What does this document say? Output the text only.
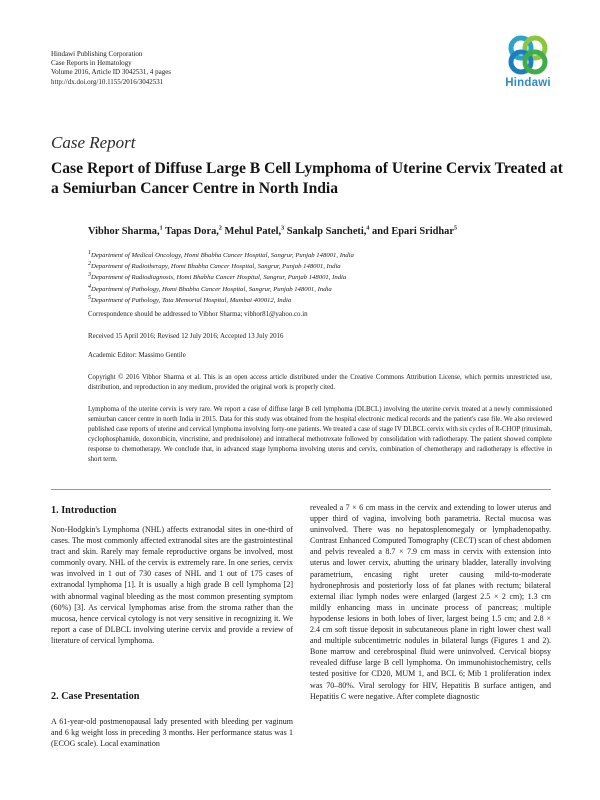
Hindawi Publishing Corporation
Case Reports in Hematology
Volume 2016, Article ID 3042531, 4 pages
http://dx.doi.org/10.1155/2016/3042531	Hindawi
Case Report
Case Report of Diffuse Large B Cell Lymphoma of Uterine Cervix Treated at a Semiurban Cancer Centre in North India
Vibhor Sharma,$^1$ Tapas Dora,$^2$ Mehul Patel,$^3$ Sankalp Sancheti,$^4$ and Epari Sridhar$^5$
$^1$Department of Medical Oncology, Homi Bhabha Cancer Hospital, Sangrur, Punjab 148001, India
$^2$Department of Radiotherapy, Homi Bhabha Cancer Hospital, Sangrur, Punjab 148001, India
$^3$Department of Radiodiagnosis, Homi Bhabha Cancer Hospital, Sangrur, Punjab 148001, India
$^4$Department of Pathology, Homi Bhabha Cancer Hospital, Sangrur, Punjab 148001, India
$^5$Department of Pathology, Tata Memorial Hospital, Mumbai 400012, India
Correspondence should be addressed to Vibhor Sharma; vibhor81@yahoo.co.in
Received 15 April 2016; Revised 12 July 2016; Accepted 13 July 2016
Academic Editor: Massimo Gentile
Copyright © 2016 Vibhor Sharma et al. This is an open access article distributed under the Creative Commons Attribution License, which permits unrestricted use, distribution, and reproduction in any medium, provided the original work is properly cited.
Lymphoma of the uterine cervix is very rare. We report a case of diffuse large B cell lymphoma (DLBCL) involving the uterine cervix treated at a newly commissioned semiurban cancer centre in north India in 2015. Data for this study was obtained from the hospital electronic medical records and the patient's case file. We also reviewed published case reports of uterine and cervical lymphoma involving forty-one patients. We treated a case of stage IV DLBCL cervix with six cycles of R-CHOP (rituximab, cyclophosphamide, doxorubicin, vincristine, and prednisolone) and intrathecal methotrexate followed by consolidation with radiotherapy. The patient showed complete response to chemotherapy. We conclude that, in advanced stage lymphoma involving uterus and cervix, combination of chemotherapy and radiotherapy is effective in short term.
1. Introduction
Non-Hodgkin's Lymphoma (NHL) affects extranodal sites in one-third of cases. The most commonly affected extranodal sites are the gastrointestinal tract and skin. Rarely may female reproductive organs be involved, most commonly ovary. NHL of the cervix is extremely rare. In one series, cervix was involved in 1 out of 730 cases of NHL and 1 out of 175 cases of extranodal lymphoma [1]. It is usually a high grade B cell lymphoma [2] with abnormal vaginal bleeding as the most common presenting symptom (60%) [3]. As cervical lymphomas arise from the stroma rather than the mucosa, hence cervical cytology is not very sensitive in recognizing it. We report a case of DLBCL involving uterine cervix and provide a review of literature of cervical lymphoma.
2. Case Presentation
A 61-year-old postmenopausal lady presented with bleeding per vaginum and 6 kg weight loss in preceding 3 months. Her performance status was 1 (ECOG scale). Local examination
revealed a 7 × 6 cm mass in the cervix and extending to lower uterus and upper third of vagina, involving both parametria. Rectal mucosa was uninvolved. There was no hepatosplenomegaly or lymphadenopathy. Contrast Enhanced Computed Tomography (CECT) scan of chest abdomen and pelvis revealed a 8.7 × 7.9 cm mass in cervix with extension into uterus and lower cervix, abutting the urinary bladder, laterally involving parametrium, encasing right ureter causing mild-to-moderate hydronephrosis and posteriorly loss of fat planes with rectum; bilateral external iliac lymph nodes were enlarged (largest 2.5 × 2 cm); 1.3 cm mildly enhancing mass in uncinate process of pancreas; multiple hypodense lesions in both lobes of liver, largest being 1.5 cm; and 2.8 × 2.4 cm soft tissue deposit in subcutaneous plane in right lower chest wall and multiple subcentimetric nodules in bilateral lungs (Figures 1 and 2). Bone marrow and cerebrospinal fluid were uninvolved. Cervical biopsy revealed diffuse large B cell lymphoma. On immunohistochemistry, cells tested positive for CD20, MUM 1, and BCL 6; Mib 1 proliferation index was 70–80%. Viral serology for HIV, Hepatitis B surface antigen, and Hepatitis C were negative. After complete diagnostic
